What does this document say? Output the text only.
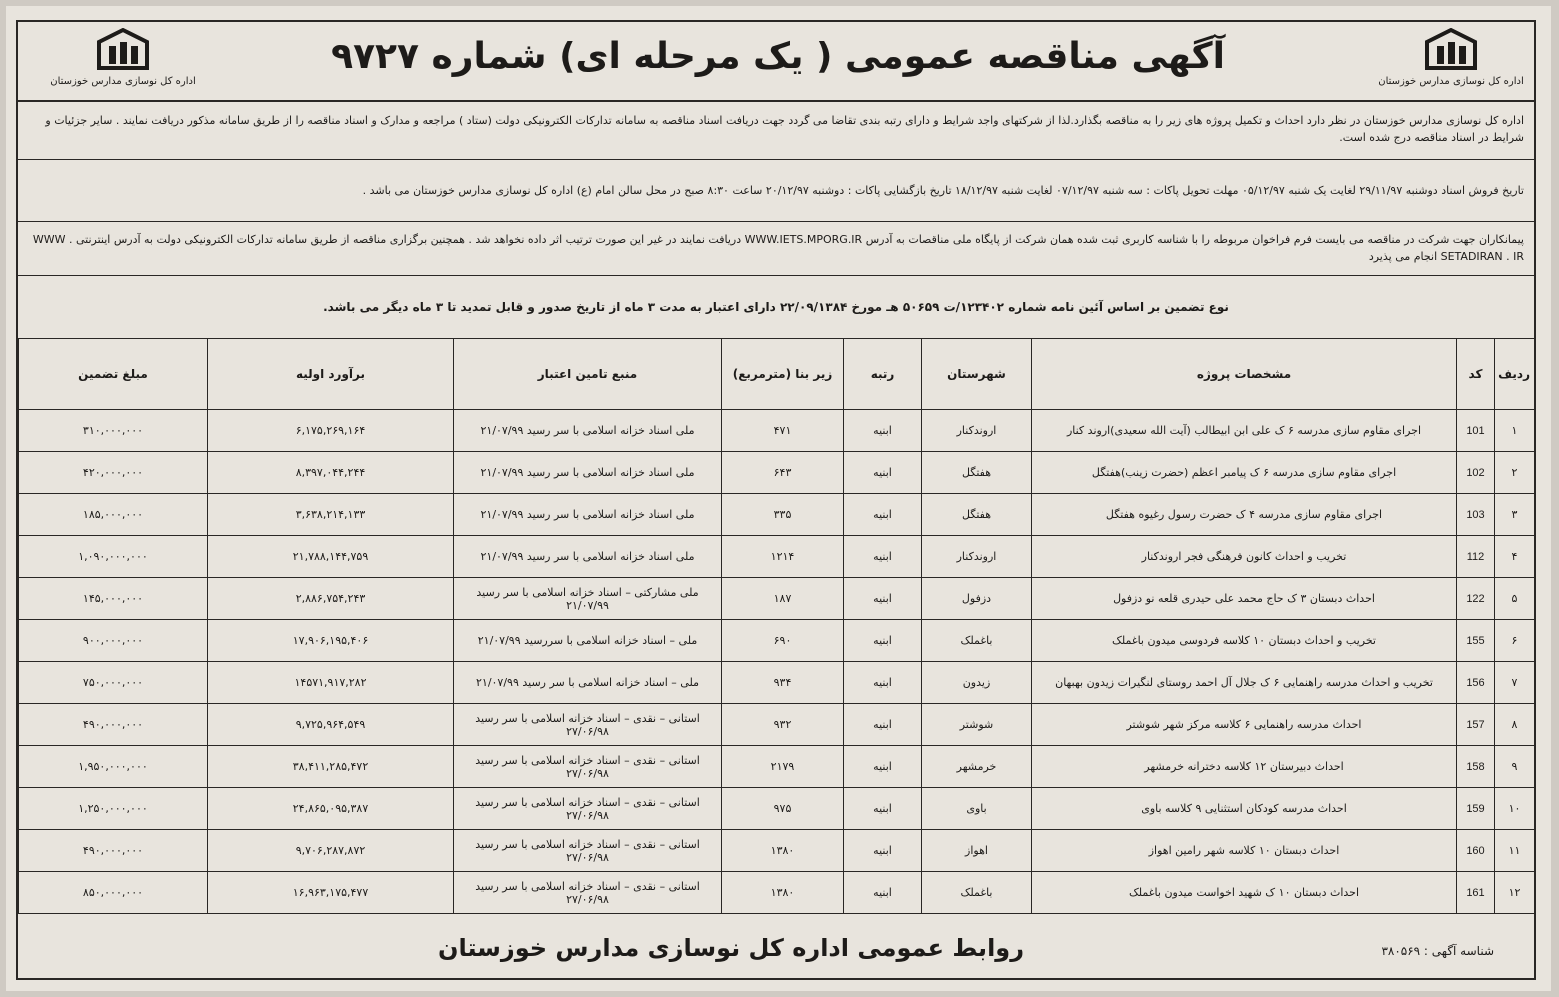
اداره کل نوسازی مدارس خوزستان
آگهی مناقصه عمومی ( یک مرحله ای) شماره ۹۷۲۷
اداره کل نوسازی مدارس خوزستان
اداره کل نوسازی مدارس خوزستان در نظر دارد احداث و تکمیل پروژه های زیر را به مناقصه بگذارد.لذا از شرکتهای واجد شرایط و دارای رتبه بندی تقاضا می گردد جهت دریافت اسناد مناقصه به سامانه تدارکات الکترونیکی دولت (ستاد ) مراجعه و مدارک و اسناد مناقصه را از طریق سامانه مذکور دریافت نمایند . سایر جزئیات و شرایط در اسناد مناقصه درج شده است.
تاریخ فروش اسناد دوشنبه ۲۹/۱۱/۹۷ لغایت یک شنبه ۰۵/۱۲/۹۷ مهلت تحویل پاکات : سه شنبه ۰۷/۱۲/۹۷ لغایت شنبه ۱۸/۱۲/۹۷ تاریخ بازگشایی پاکات : دوشنبه ۲۰/۱۲/۹۷ ساعت ۸:۳۰ صبح در محل سالن امام (ع) اداره کل نوسازی مدارس خوزستان می باشد .
پیمانکاران جهت شرکت در مناقصه می بایست فرم فراخوان مربوطه را با شناسه کاربری ثبت شده همان شرکت از پایگاه ملی مناقصات به آدرس WWW.IETS.MPORG.IR دریافت نمایند در غیر این صورت ترتیب اثر داده نخواهد شد . همچنین برگزاری مناقصه از طریق سامانه تدارکات الکترونیکی دولت به آدرس اینترنتی . WWW SETADIRAN . IR انجام می پذیرد
نوع تضمین بر اساس آئین نامه شماره ۱۲۳۴۰۲/ت ۵۰۶۵۹ هـ مورخ ۲۲/۰۹/۱۳۸۴ دارای اعتبار به مدت ۳ ماه از تاریخ صدور و قابل تمدید تا ۳ ماه دیگر می باشد.
ردیف	کد	مشخصات پروژه	شهرستان	رتبه	زیر بنا (مترمربع)	منبع تامین اعتبار	برآورد اولیه	مبلغ تضمین
۱	101	اجرای مقاوم سازی مدرسه ۶ ک علی ابن ابیطالب (آیت الله سعیدی)اروند کنار	اروندکنار	ابنیه	۴۷۱	ملی اسناد خزانه اسلامی با سر رسید ۲۱/۰۷/۹۹	۶,۱۷۵,۲۶۹,۱۶۴	۳۱۰,۰۰۰,۰۰۰
۲	102	اجرای مقاوم سازی مدرسه ۶ ک پیامبر اعظم (حضرت زینب)هفتگل	هفتگل	ابنیه	۶۴۳	ملی اسناد خزانه اسلامی با سر رسید ۲۱/۰۷/۹۹	۸,۳۹۷,۰۴۴,۲۴۴	۴۲۰,۰۰۰,۰۰۰
۳	103	اجرای مقاوم سازی مدرسه ۴ ک حضرت رسول رغیوه هفتگل	هفتگل	ابنیه	۳۳۵	ملی اسناد خزانه اسلامی با سر رسید ۲۱/۰۷/۹۹	۳,۶۳۸,۲۱۴,۱۳۳	۱۸۵,۰۰۰,۰۰۰
۴	112	تخریب و احداث کانون فرهنگی فجر اروندکنار	اروندکنار	ابنیه	۱۲۱۴	ملی اسناد خزانه اسلامی با سر رسید ۲۱/۰۷/۹۹	۲۱,۷۸۸,۱۴۴,۷۵۹	۱,۰۹۰,۰۰۰,۰۰۰
۵	122	احداث دبستان ۳ ک حاج محمد علی حیدری قلعه نو دزفول	دزفول	ابنیه	۱۸۷	ملی مشارکتی – اسناد خزانه اسلامی با سر رسید ۲۱/۰۷/۹۹	۲,۸۸۶,۷۵۴,۲۴۳	۱۴۵,۰۰۰,۰۰۰
۶	155	تخریب و احداث دبستان ۱۰ کلاسه فردوسی میدون باغملک	باغملک	ابنیه	۶۹۰	ملی – اسناد خزانه اسلامی با سررسید ۲۱/۰۷/۹۹	۱۷,۹۰۶,۱۹۵,۴۰۶	۹۰۰,۰۰۰,۰۰۰
۷	156	تخریب و احداث مدرسه راهنمایی ۶ ک جلال آل احمد روستای لنگیرات زیدون بهبهان	زیدون	ابنیه	۹۳۴	ملی – اسناد خزانه اسلامی با سر رسید ۲۱/۰۷/۹۹	۱۴۵۷۱,۹۱۷,۲۸۲	۷۵۰,۰۰۰,۰۰۰
۸	157	احداث مدرسه راهنمایی ۶ کلاسه مرکز شهر شوشتر	شوشتر	ابنیه	۹۳۲	استانی – نقدی – اسناد خزانه اسلامی با سر رسید ۲۷/۰۶/۹۸	۹,۷۲۵,۹۶۴,۵۴۹	۴۹۰,۰۰۰,۰۰۰
۹	158	احداث دبیرستان ۱۲ کلاسه دخترانه خرمشهر	خرمشهر	ابنیه	۲۱۷۹	استانی – نقدی – اسناد خزانه اسلامی با سر رسید ۲۷/۰۶/۹۸	۳۸,۴۱۱,۲۸۵,۴۷۲	۱,۹۵۰,۰۰۰,۰۰۰
۱۰	159	احداث مدرسه کودکان استثنایی ۹ کلاسه باوی	باوی	ابنیه	۹۷۵	استانی – نقدی – اسناد خزانه اسلامی با سر رسید ۲۷/۰۶/۹۸	۲۴,۸۶۵,۰۹۵,۳۸۷	۱,۲۵۰,۰۰۰,۰۰۰
۱۱	160	احداث دبستان ۱۰ کلاسه شهر رامین اهواز	اهواز	ابنیه	۱۳۸۰	استانی – نقدی – اسناد خزانه اسلامی با سر رسید ۲۷/۰۶/۹۸	۹,۷۰۶,۲۸۷,۸۷۲	۴۹۰,۰۰۰,۰۰۰
۱۲	161	احداث دبستان ۱۰ ک شهید اخواست میدون باغملک	باغملک	ابنیه	۱۳۸۰	استانی – نقدی – اسناد خزانه اسلامی با سر رسید ۲۷/۰۶/۹۸	۱۶,۹۶۳,۱۷۵,۴۷۷	۸۵۰,۰۰۰,۰۰۰
روابط عمومی اداره کل نوسازی مدارس خوزستان	شناسه آگهی : ۳۸۰۵۶۹
